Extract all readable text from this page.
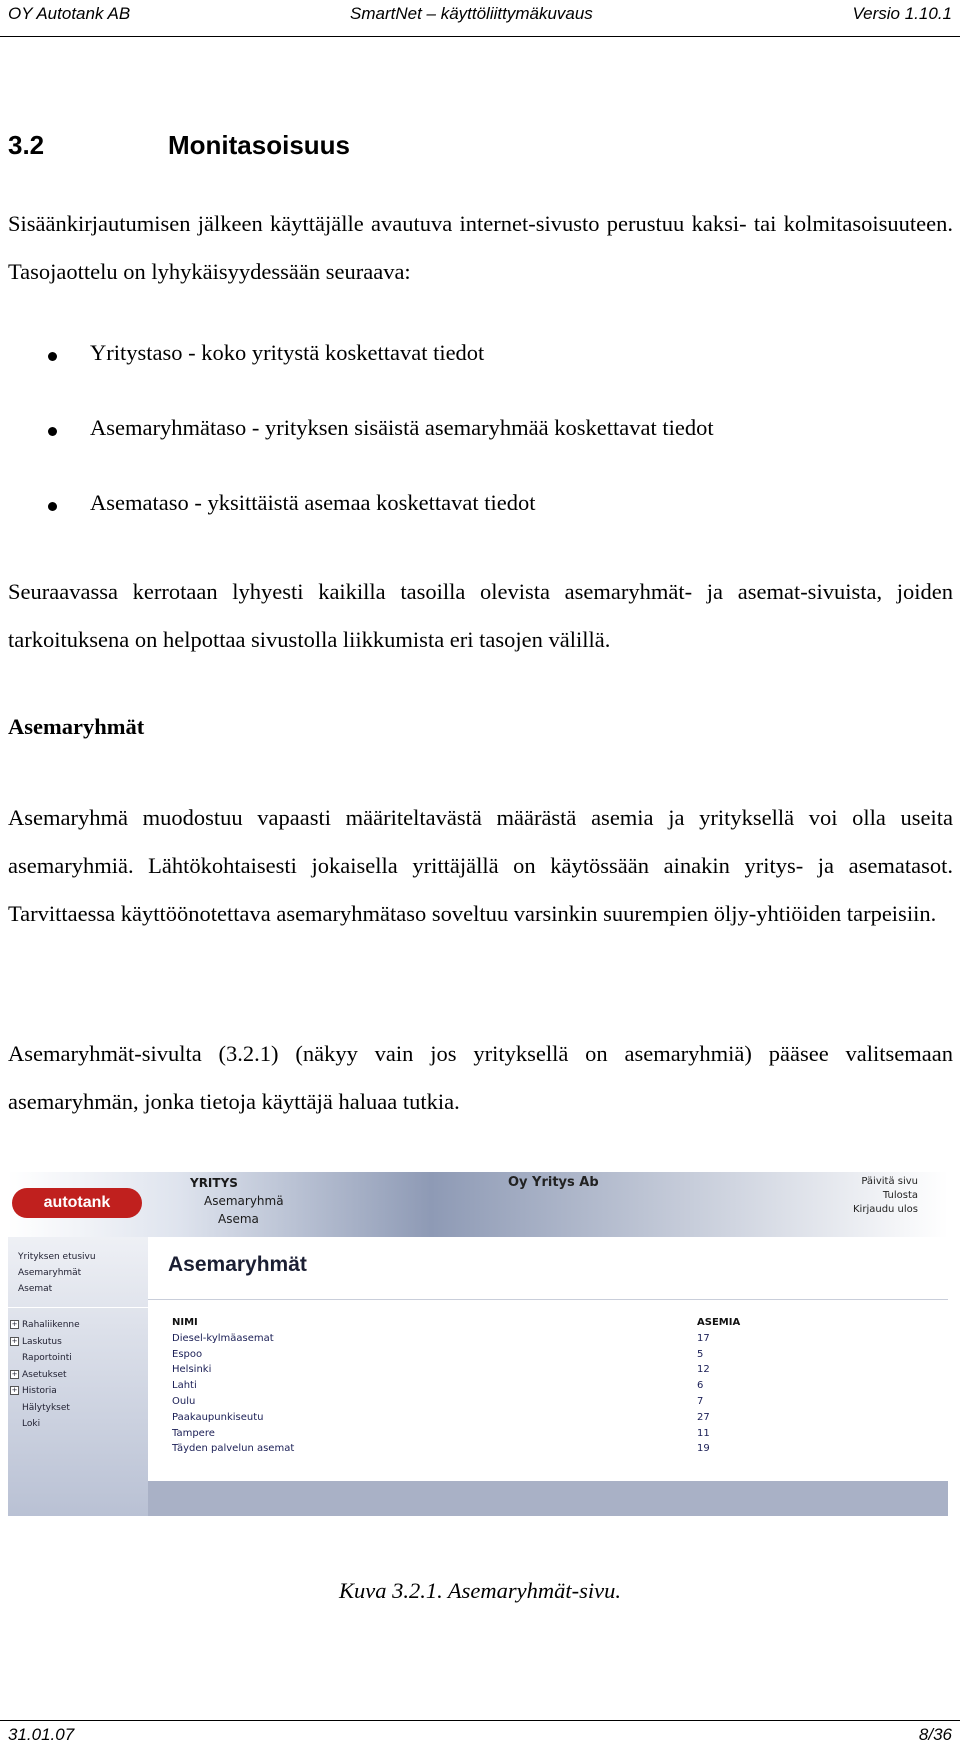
OY Autotank AB	SmartNet – käyttöliittymäkuvaus	Versio 1.10.1
3.2	Monitasoisuus
Sisäänkirjautumisen jälkeen käyttäjälle avautuva internet-sivusto perustuu kaksi- tai kolmitasoisuuteen. Tasojaottelu on lyhykäisyydessään seuraava:
Yritystaso - koko yritystä koskettavat tiedot
Asemaryhmätaso - yrityksen sisäistä asemaryhmää koskettavat tiedot
Asemataso - yksittäistä asemaa koskettavat tiedot
Seuraavassa kerrotaan lyhyesti kaikilla tasoilla olevista asemaryhmät- ja asemat-sivuista, joiden tarkoituksena on helpottaa sivustolla liikkumista eri tasojen välillä.
Asemaryhmät
Asemaryhmä muodostuu vapaasti määriteltavästä määrästä asemia ja yrityksellä voi olla useita asemaryhmiä. Lähtökohtaisesti jokaisella yrittäjällä on käytössään ainakin yritys- ja asematasot. Tarvittaessa käyttöönotettava asemaryhmätaso soveltuu varsinkin suurempien öljy-yhtiöiden tarpeisiin.
Asemaryhmät-sivulta (3.2.1) (näkyy vain jos yrityksellä on asemaryhmiä) pääsee valitsemaan asemaryhmän, jonka tietoja käyttäjä haluaa tutkia.
autotank
YRITYS
Asemaryhmä
Asema
Oy Yritys Ab	Päivitä sivu
Tulosta
Kirjaudu ulos
Yrityksen etusivu
Asemaryhmät
Asemat
+ Rahaliikenne
+ Laskutus
Raportointi
+ Asetukset
+ Historia
Hälytykset
Loki
Asemaryhmät
NIMI	ASEMIA
Diesel-kylmäasemat	17
Espoo	5
Helsinki	12
Lahti	6
Oulu	7
Paakaupunkiseutu	27
Tampere	11
Täyden palvelun asemat	19
Kuva 3.2.1. Asemaryhmät-sivu.
31.01.07	8/36
